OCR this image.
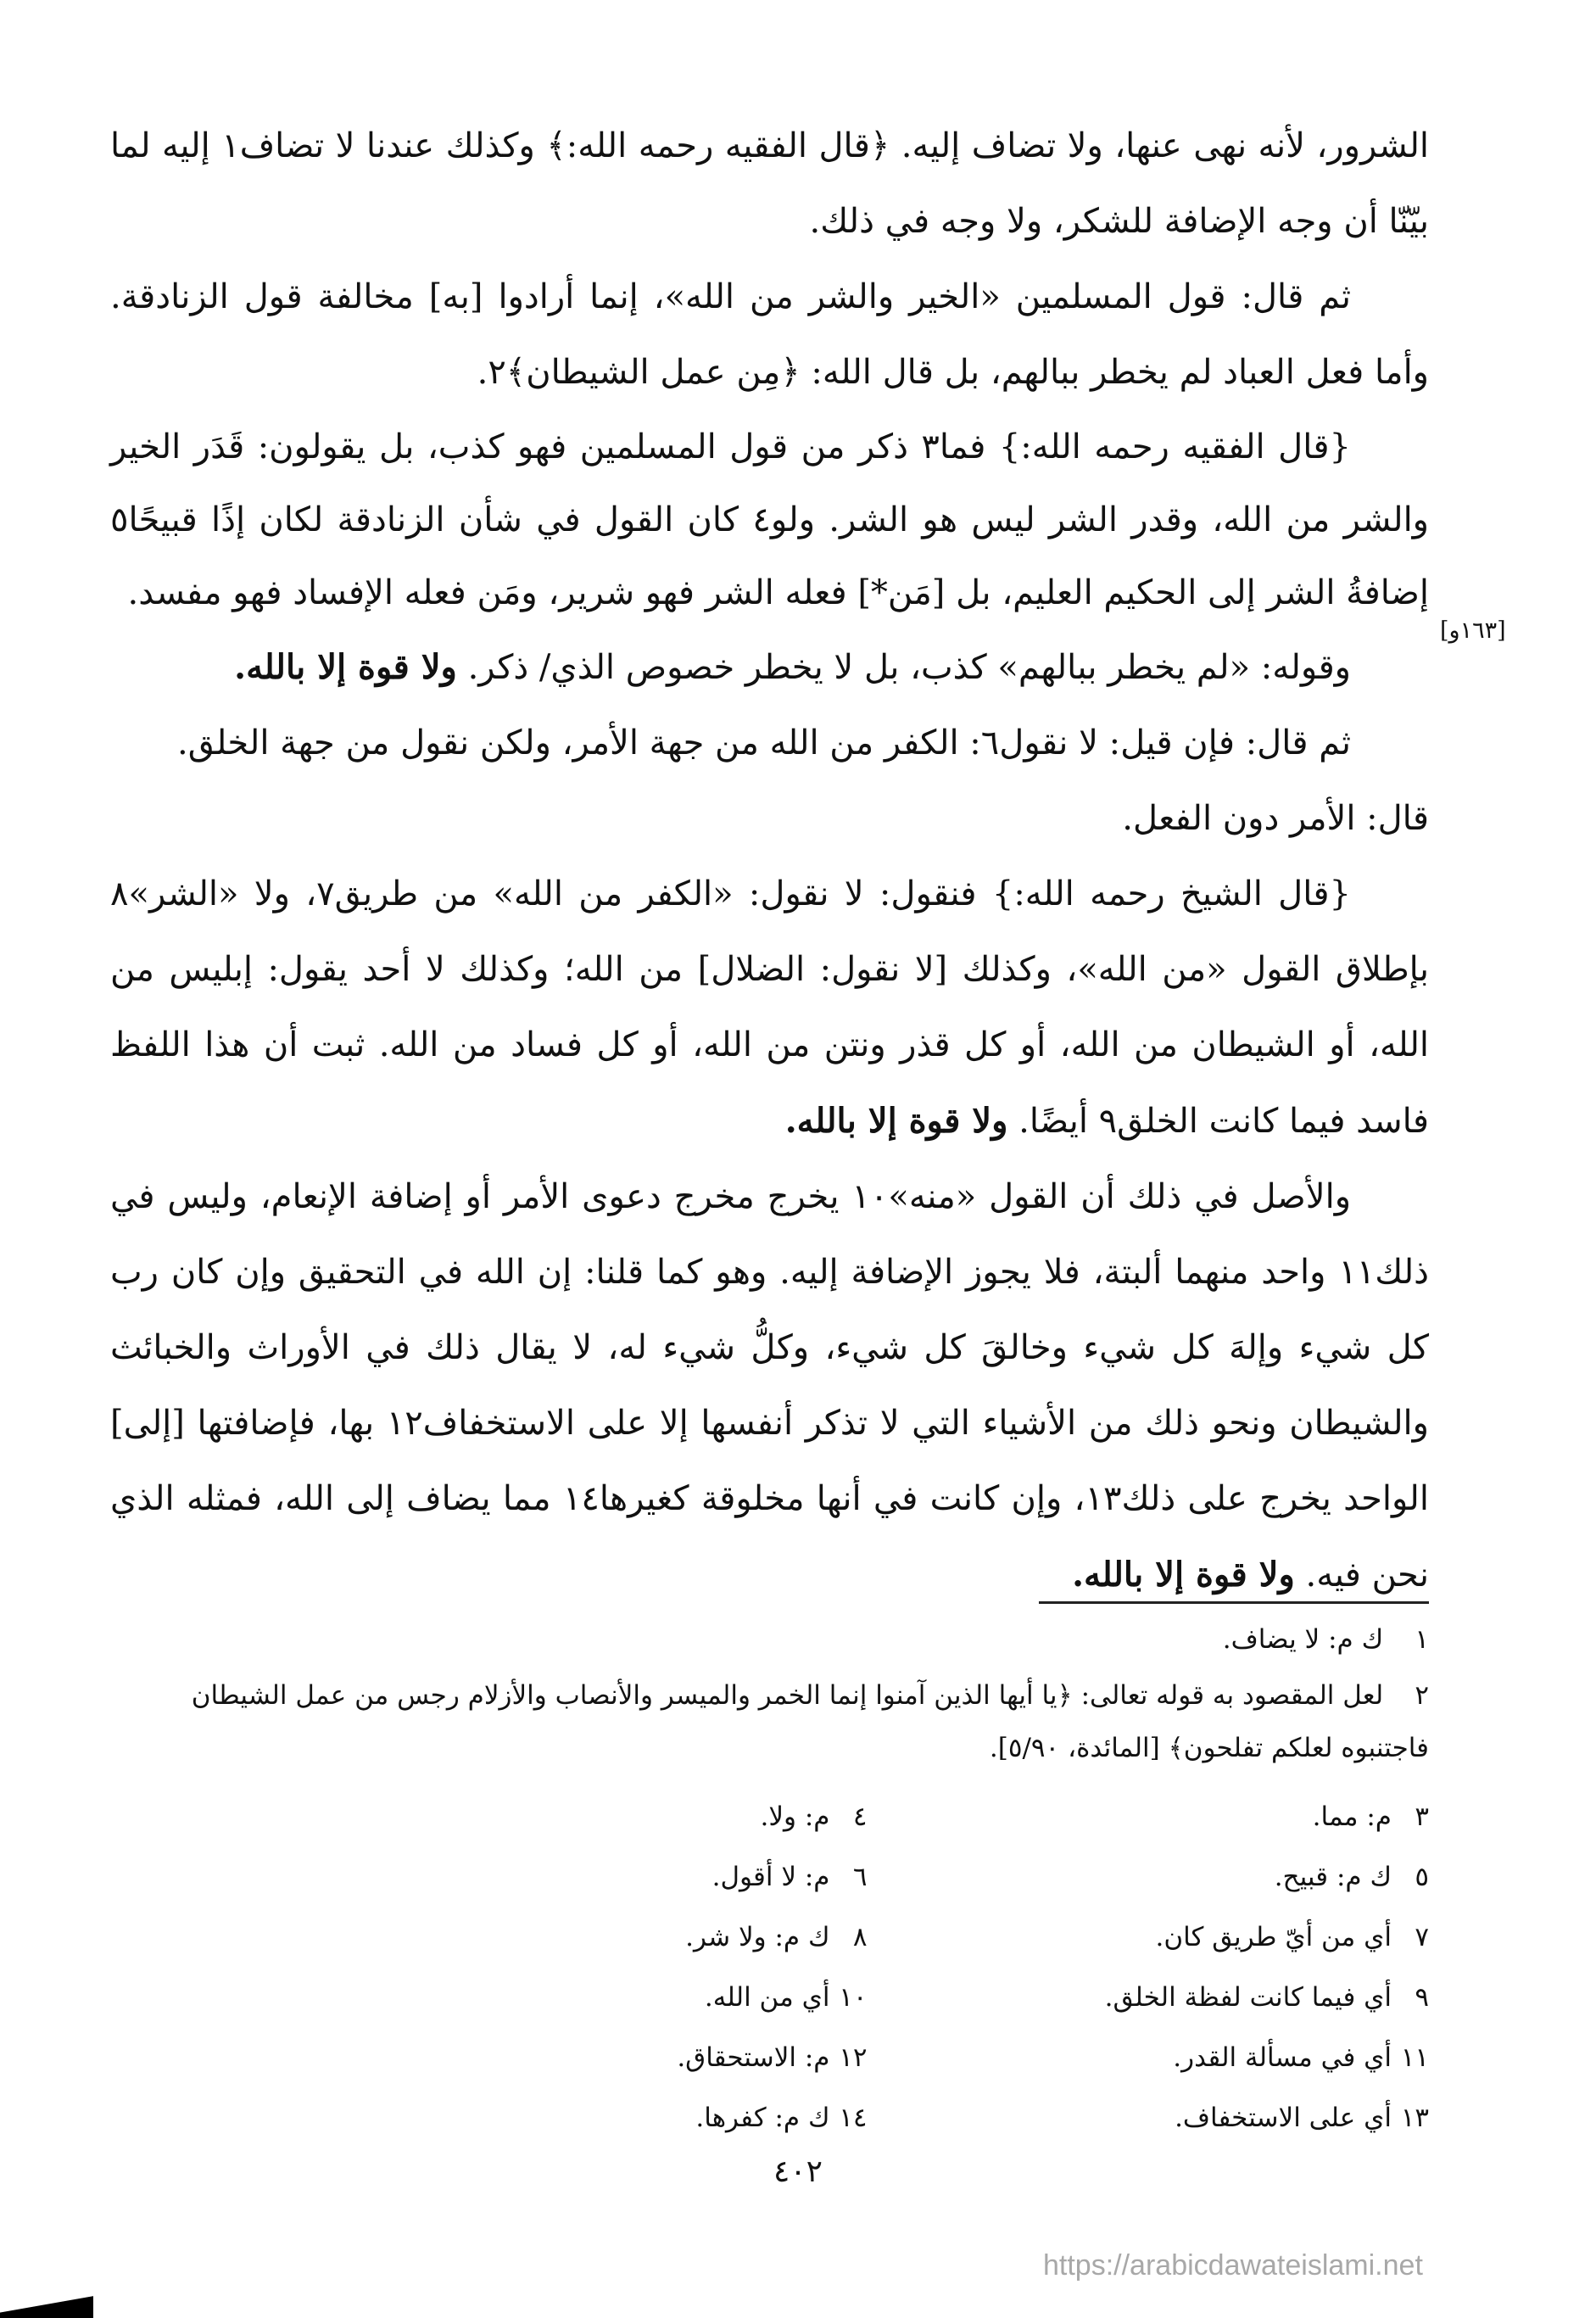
الشرور، لأنه نهى عنها، ولا تضاف إليه. ﴿قال الفقيه رحمه الله:﴾ وكذلك عندنا لا تضاف١ إليه لما بيّنّا أن وجه الإضافة للشكر، ولا وجه في ذلك.

ثم قال: قول المسلمين «الخير والشر من الله»، إنما أرادوا [به] مخالفة قول الزنادقة. وأما فعل العباد لم يخطر ببالهم، بل قال الله: ﴿مِن عمل الشيطان﴾٢.

{قال الفقيه رحمه الله:} فما٣ ذكر من قول المسلمين فهو كذب، بل يقولون: قَدَر الخير والشر من الله، وقدر الشر ليس هو الشر. ولو٤ كان القول في شأن الزنادقة لكان إذًا قبيحًا٥ إضافةُ الشر إلى الحكيم العليم، بل [مَن*] فعله الشر فهو شرير، ومَن فعله الإفساد فهو مفسد.

وقوله: «لم يخطر ببالهم» كذب، بل لا يخطر خصوص الذي/ ذكر. ولا قوة إلا بالله.

ثم قال: فإن قيل: لا نقول٦: الكفر من الله من جهة الأمر، ولكن نقول من جهة الخلق.

قال: الأمر دون الفعل.

{قال الشيخ رحمه الله:} فنقول: لا نقول: «الكفر من الله» من طريق٧، ولا «الشر»٨ بإطلاق القول «من الله»، وكذلك [لا نقول: الضلال] من الله؛ وكذلك لا أحد يقول: إبليس من الله، أو الشيطان من الله، أو كل قذر ونتن من الله، أو كل فساد من الله. ثبت أن هذا اللفظ فاسد فيما كانت الخلق٩ أيضًا. ولا قوة إلا بالله.

والأصل في ذلك أن القول «منه»١٠ يخرج مخرج دعوى الأمر أو إضافة الإنعام، وليس في ذلك١١ واحد منهما ألبتة، فلا يجوز الإضافة إليه. وهو كما قلنا: إن الله في التحقيق وإن كان رب كل شيء وإلهَ كل شيء وخالقَ كل شيء، وكلُّ شيء له، لا يقال ذلك في الأوراث والخبائث والشيطان ونحو ذلك من الأشياء التي لا تذكر أنفسها إلا على الاستخفاف١٢ بها، فإضافتها [إلى] الواحد يخرج على ذلك١٣، وإن كانت في أنها مخلوقة كغيرها١٤ مما يضاف إلى الله، فمثله الذي نحن فيه. ولا قوة إلا بالله.

[١٦٣و]
١ ك م: لا يضاف.
٢ لعل المقصود به قوله تعالى: ﴿يا أيها الذين آمنوا إنما الخمر والميسر والأنصاب والأزلام رجس من عمل الشيطان فاجتنبوه لعلكم تفلحون﴾ [المائدة، ٥/٩٠].
٣م: مما.
٤م: ولا.
٥ك م: قبيح.
٦م: لا أقول.
٧أي من أيّ طريق كان.
٨ك م: ولا شر.
٩أي فيما كانت لفظة الخلق.
١٠أي من الله.
١١أي في مسألة القدر.
١٢م: الاستحقاق.
١٣أي على الاستخفاف.
١٤ك م: كفرها.
٤٠٢
https://arabicdawateislami.net
